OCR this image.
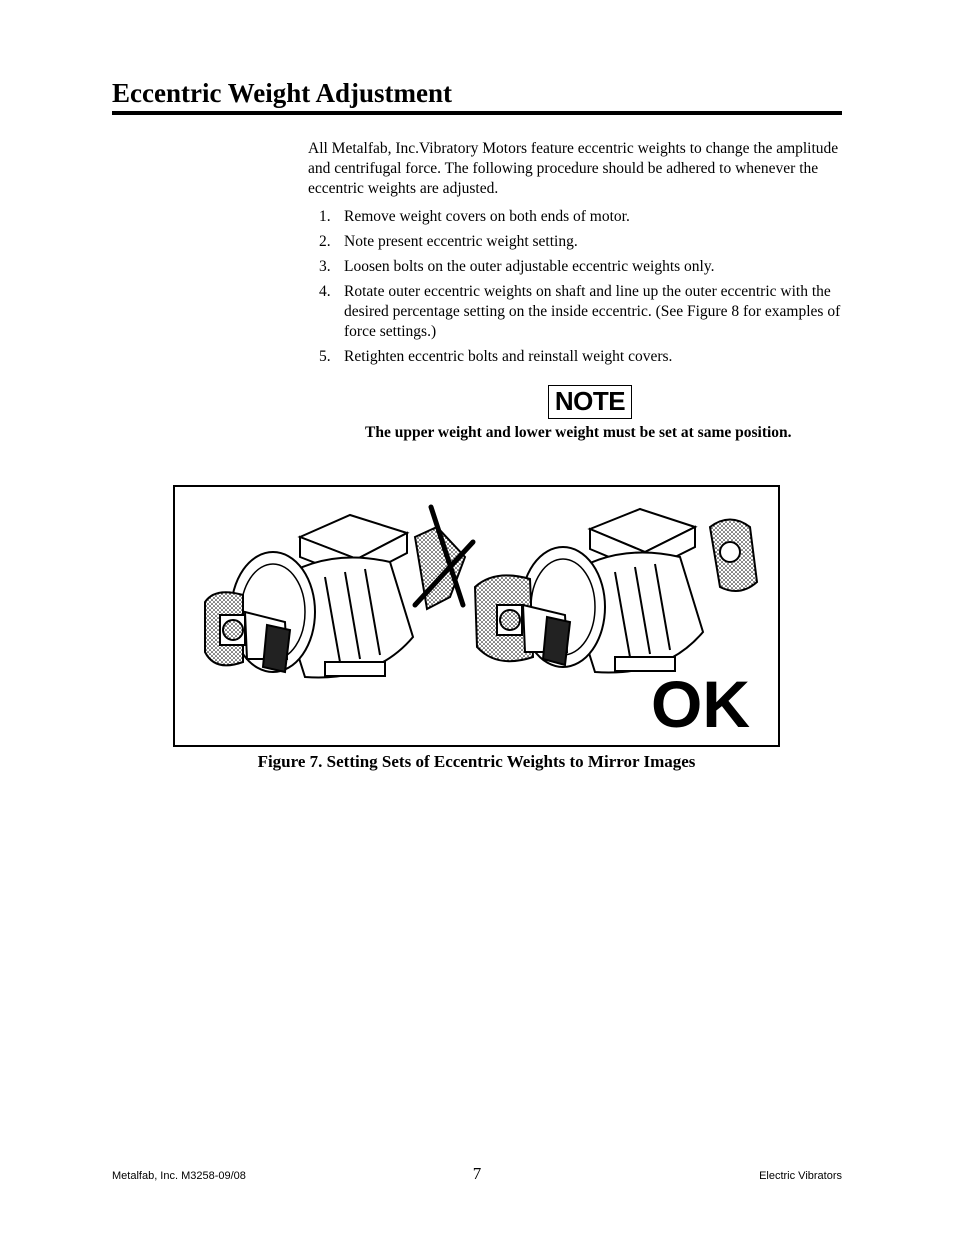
Eccentric Weight Adjustment

All Metalfab, Inc.Vibratory Motors feature eccentric weights to change the amplitude and centrifugal force. The following procedure should be adhered to whenever the eccentric weights are adjusted.

1. Remove weight covers on both ends of motor.
2. Note present eccentric weight setting.
3. Loosen bolts on the outer adjustable eccentric weights only.
4. Rotate outer eccentric weights on shaft and line up the outer eccentric with the desired percentage setting on the inside eccentric. (See Figure 8 for examples of force settings.)
5. Retighten eccentric bolts and reinstall weight covers.
NOTE

The upper weight and lower weight must be set at same position.

OK

Figure 7. Setting Sets of Eccentric Weights to Mirror Images

Metalfab, Inc. M3258-09/08	7	Electric Vibrators
